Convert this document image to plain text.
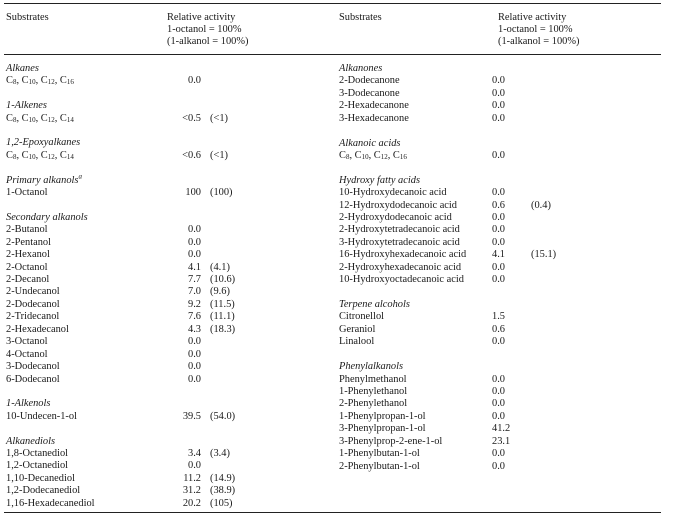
Substrates	Relative activity
1-octanol = 100%
(1-alkanol = 100%)
Alkanes
$C_8$, $C_{10}$, $C_{12}$, $C_{16}$	0.0
1-Alkenes
$C_8$, $C_{10}$, $C_{12}$, $C_{14}$	<0.5 (<1)
1,2-Epoxyalkanes
$C_8$, $C_{10}$, $C_{12}$, $C_{14}$	<0.6 (<1)
Primary alkanols$^a$
1-Octanol	100 (100)
Secondary alkanols
2-Butanol	0.0
2-Pentanol	0.0
2-Hexanol	0.0
2-Octanol	4.1 (4.1)
2-Decanol	7.7 (10.6)
2-Undecanol	7.0 (9.6)
2-Dodecanol	9.2 (11.5)
2-Tridecanol	7.6 (11.1)
2-Hexadecanol	4.3 (18.3)
3-Octanol	0.0
4-Octanol	0.0
3-Dodecanol	0.0
6-Dodecanol	0.0
1-Alkenols
10-Undecen-1-ol	39.5 (54.0)
Alkanediols
1,8-Octanediol	3.4 (3.4)
1,2-Octanediol	0.0
1,10-Decanediol	11.2 (14.9)
1,2-Dodecanediol	31.2 (38.9)
1,16-Hexadecanediol	20.2 (105)
Substrates	Relative activity
1-octanol = 100%
(1-alkanol = 100%)
Alkanones
2-Dodecanone	0.0
3-Dodecanone	0.0
2-Hexadecanone	0.0
3-Hexadecanone	0.0
Alkanoic acids
$C_8$, $C_{10}$, $C_{12}$, $C_{16}$	0.0
Hydroxy fatty acids
10-Hydroxydecanoic acid	0.0
12-Hydroxydodecanoic acid	0.6	(0.4)
2-Hydroxydodecanoic acid	0.0
2-Hydroxytetradecanoic acid	0.0
3-Hydroxytetradecanoic acid	0.0
16-Hydroxyhexadecanoic acid 4.1	(15.1)
2-Hydroxyhexadecanoic acid	0.0
10-Hydroxyoctadecanoic acid	0.0
Terpene alcohols
Citronellol	1.5
Geraniol	0.6
Linalool	0.0
Phenylalkanols
Phenylmethanol	0.0
1-Phenylethanol	0.0
2-Phenylethanol	0.0
1-Phenylpropan-1-ol	0.0
3-Phenylpropan-1-ol	41.2
3-Phenylprop-2-ene-1-ol	23.1
1-Phenylbutan-1-ol	0.0
2-Phenylbutan-1-ol	0.0
